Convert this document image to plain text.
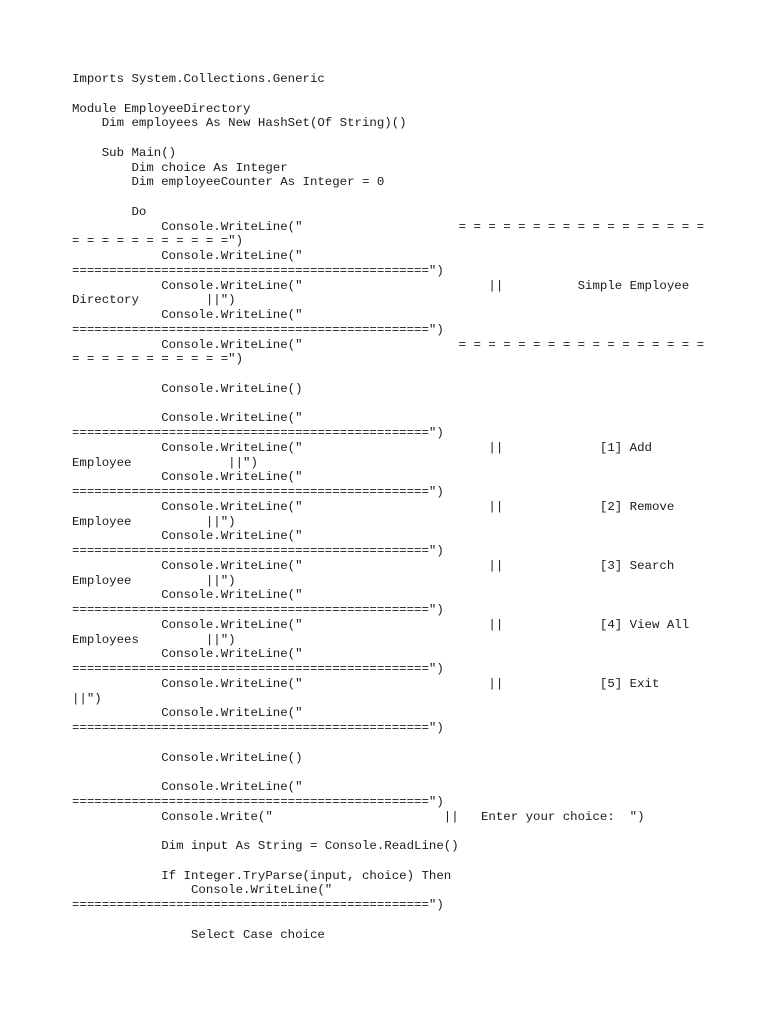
Imports System.Collections.Generic
Module EmployeeDirectory
Dim employees As New HashSet(Of String)()
Sub Main()
Dim choice As Integer
Dim employeeCounter As Integer = 0
Do
Console.WriteLine("                     = = = = = = = = = = = = = = = = =
= = = = = = = = = = =")
Console.WriteLine("
================================================")
Console.WriteLine("                         ||          Simple Employee
Directory         ||")
Console.WriteLine("
================================================")
Console.WriteLine("                     = = = = = = = = = = = = = = = = =
= = = = = = = = = = =")
Console.WriteLine()
Console.WriteLine("
================================================")
Console.WriteLine("                         ||             [1] Add
Employee             ||")
Console.WriteLine("
================================================")
Console.WriteLine("                         ||             [2] Remove
Employee          ||")
Console.WriteLine("
================================================")
Console.WriteLine("                         ||             [3] Search
Employee          ||")
Console.WriteLine("
================================================")
Console.WriteLine("                         ||             [4] View All
Employees         ||")
Console.WriteLine("
================================================")
Console.WriteLine("                         ||             [5] Exit
||")
Console.WriteLine("
================================================")
Console.WriteLine()
Console.WriteLine("
================================================")
Console.Write("                       ||   Enter your choice:  ")
Dim input As String = Console.ReadLine()
If Integer.TryParse(input, choice) Then
Console.WriteLine("
================================================")
Select Case choice
